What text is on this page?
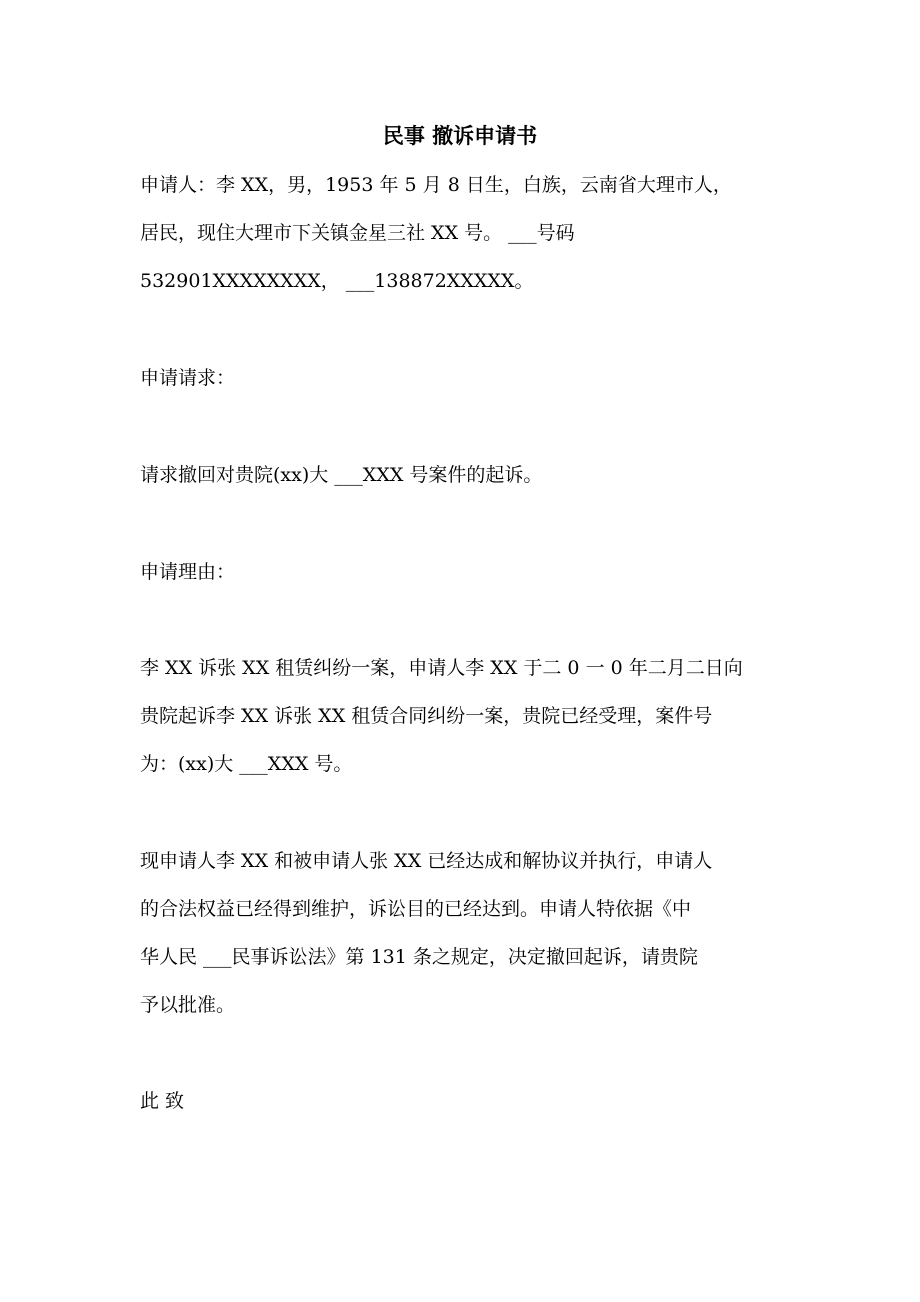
民事 撤诉申请书
申请人：李 XX，男，1953 年 5 月 8 日生，白族，云南省大理市人，
居民，现住大理市下关镇金星三社 XX 号。 ___号码
532901XXXXXXXX， ___138872XXXXX。
申请请求：
请求撤回对贵院(xx)大 ___XXX 号案件的起诉。
申请理由：
李 XX 诉张 XX 租赁纠纷一案，申请人李 XX 于二 0 一 0 年二月二日向
贵院起诉李 XX 诉张 XX 租赁合同纠纷一案，贵院已经受理，案件号
为：(xx)大 ___XXX 号。
现申请人李 XX 和被申请人张 XX 已经达成和解协议并执行，申请人
的合法权益已经得到维护，诉讼目的已经达到。申请人特依据《中
华人民 ___民事诉讼法》第 131 条之规定，决定撤回起诉，请贵院
予以批准。
此 致
